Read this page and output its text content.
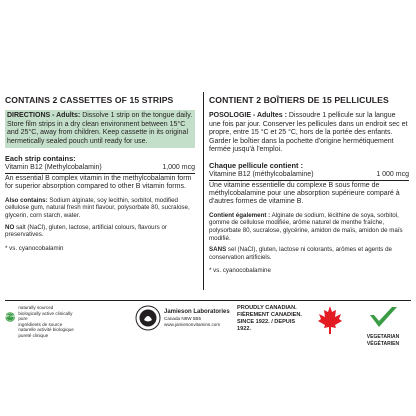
CONTAINS 2 CASSETTES OF 15 STRIPS

DIRECTIONS - Adults: Dissolve 1 strip on the tongue daily. Store film strips in a dry clean environment between 15°C and 25°C, away from children. Keep cassette in its original hermetically sealed pouch until ready for use.

Each strip contains:
Vitamin B12 (Methylcobalamin)	1,000 mcg
An essential B complex vitamin in the methylcobalamin form for superior absorption compared to other B vitamin forms.
Also contains: Sodium alginate, soy lecithin, sorbitol, modified cellulose gum, natural fresh mint flavour, polysorbate 80, sucralose, glycerin, corn starch, water.
NO salt (NaCl), gluten, lactose, artificial colours, flavours or preservatives.
* vs. cyanocobalamin
CONTIENT 2 BOÎTIERS DE 15 PELLICULES

POSOLOGIE - Adultes : Dissoudre 1 pellicule sur la langue une fois par jour. Conserver les pellicules dans un endroit sec et propre, entre 15 °C et 25 °C, hors de la portée des enfants. Garder le boîtier dans la pochette d'origine hermétiquement fermée jusqu'à l'emploi.

Chaque pellicule contient :
Vitamine B12 (méthylcobalamine)	1 000 mcg
Une vitamine essentielle du complexe B sous forme de méthylcobalamine pour une absorption supérieure comparé à d'autres formes de vitamine B.
Contient également : Alginate de sodium, lécithine de soya, sorbitol, gomme de cellulose modifiée, arôme naturel de menthe fraîche, polysorbate 80, sucralose, glycérine, amidon de maïs, amidon de maïs modifié.
SANS sel (NaCl), gluten, lactose ni colorants, arômes et agents de conservation artificiels.
* vs. cyanocobalamine
360° pure
naturally sourced biologically active clinically pure
ingrédients de source naturelle activité biologique pureté clinique
Jamieson Laboratories
Canada N8W 5B5
www.jamiesonvitamins.com
PROUDLY CANADIAN.
FIÈREMENT CANADIEN.
SINCE 1922. / DEPUIS 1922.
VEGETARIAN
VÉGÉTARIEN
